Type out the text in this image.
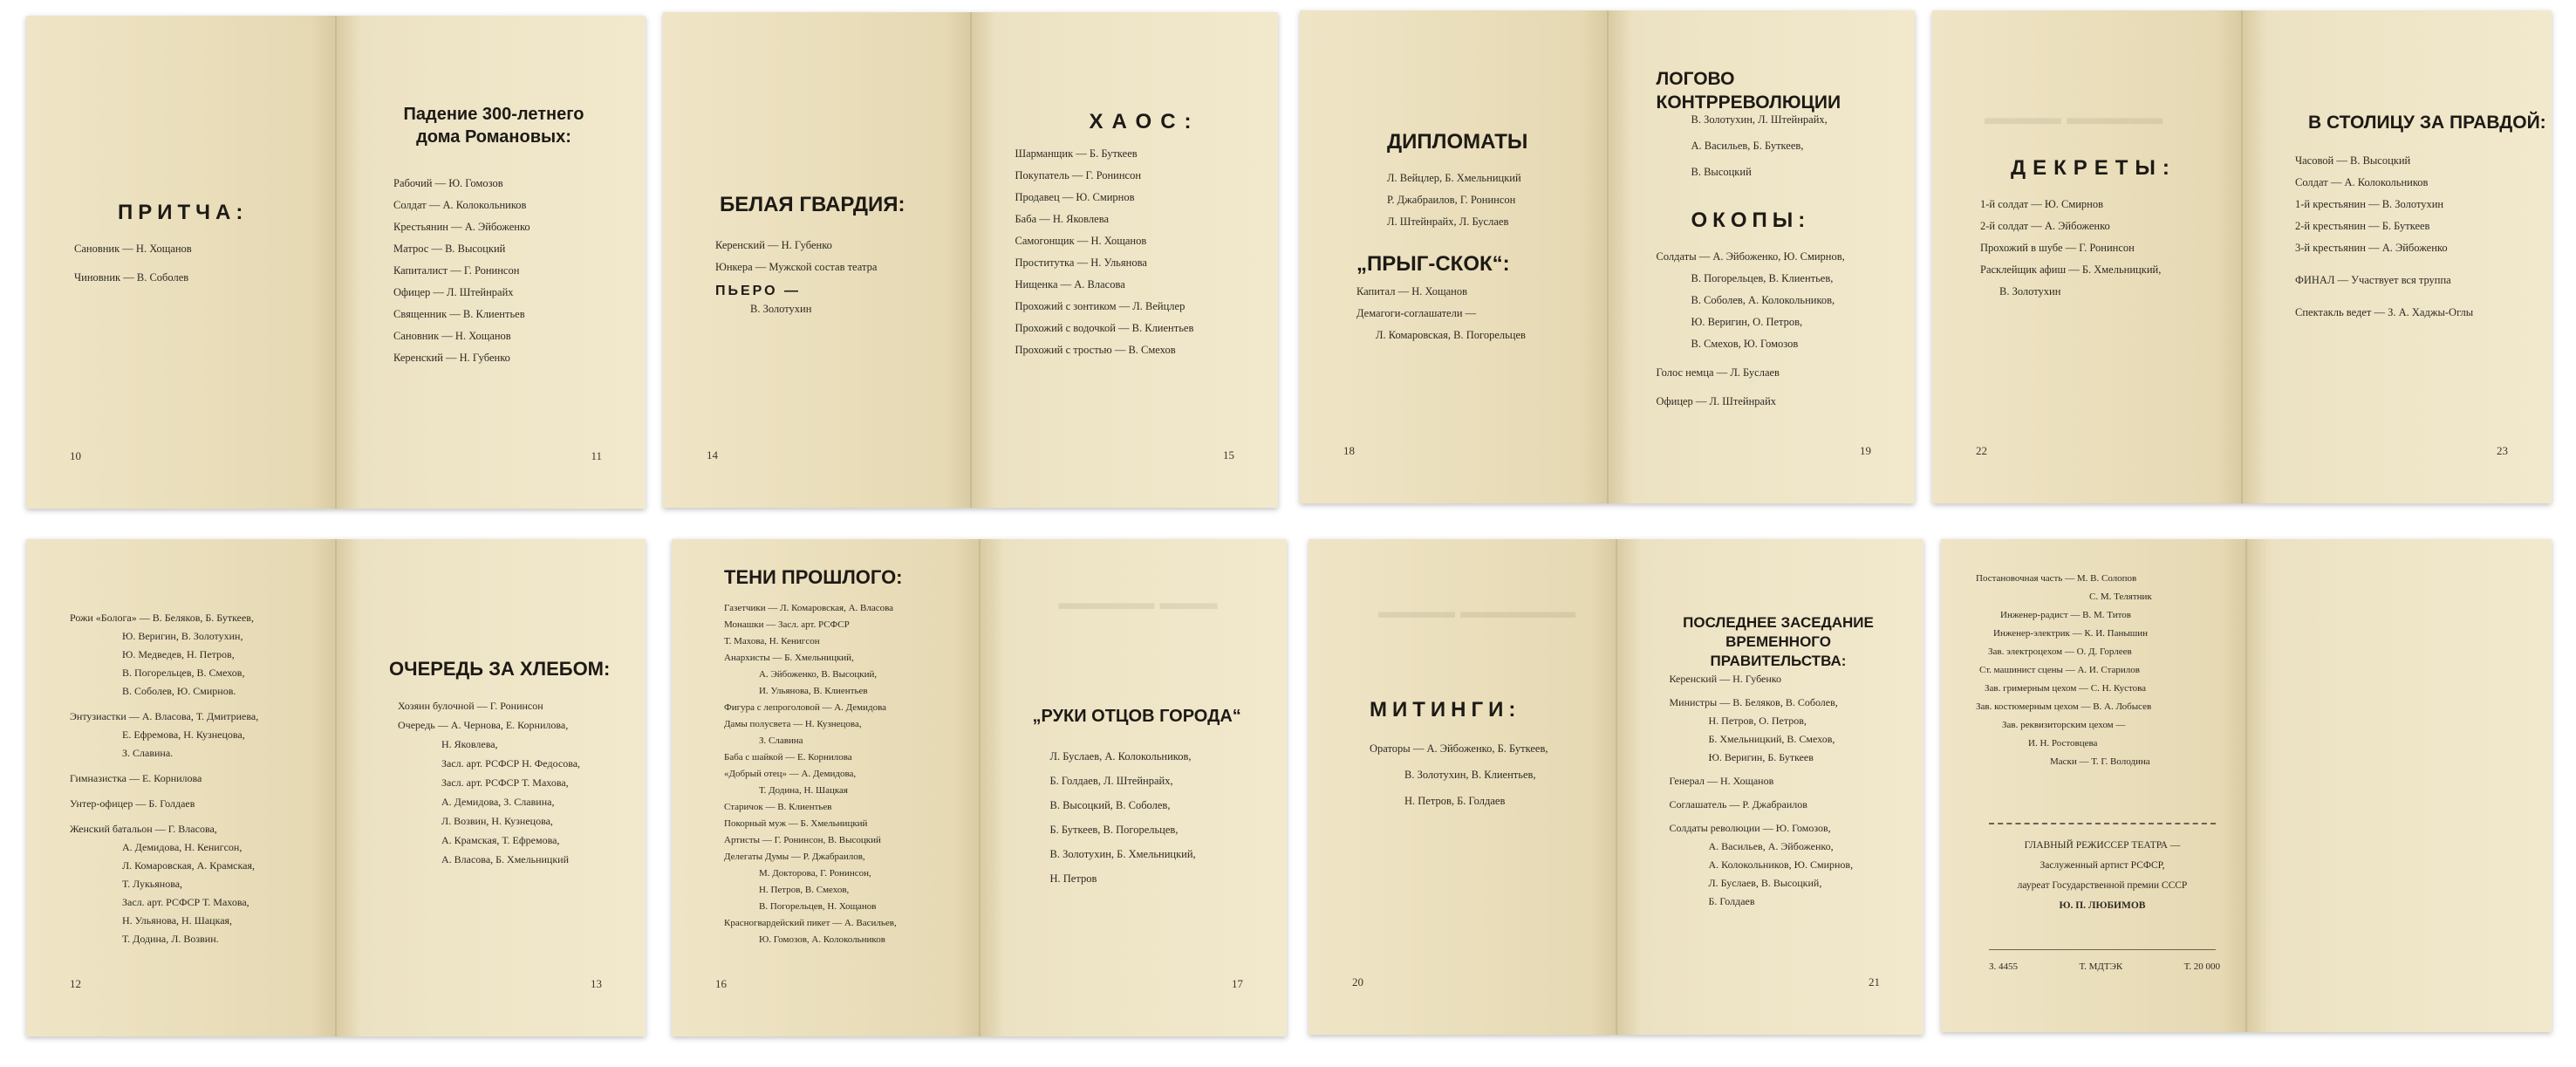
ПРИТЧА:
Сановник — Н. Хощанов
Чиновник — В. Соболев
10
Падение 300-летнего дома Романовых:
Рабочий — Ю. Гомозов
Солдат — А. Колокольников
Крестьянин — А. Эйбоженко
Матрос — В. Высоцкий
Капиталист — Г. Ронинсон
Офицер — Л. Штейнрайх
Священник — В. Клиентьев
Сановник — Н. Хощанов
Керенский — Н. Губенко
11
БЕЛАЯ ГВАРДИЯ:
Керенский — Н. Губенко
Юнкера — Мужской состав театра
ПЬЕРО —
В. Золотухин
14
ХАОС:
Шарманщик — Б. Буткеев
Покупатель — Г. Ронинсон
Продавец — Ю. Смирнов
Баба — Н. Яковлева
Самогонщик — Н. Хощанов
Проститутка — Н. Ульянова
Нищенка — А. Власова
Прохожий с зонтиком — Л. Вейцлер
Прохожий с водочкой — В. Клиентьев
Прохожий с тростью — В. Смехов
15
ДИПЛОМАТЫ
Л. Вейцлер, Б. Хмельницкий
Р. Джабраилов, Г. Ронинсон
Л. Штейнрайх, Л. Буслаев
„ПРЫГ-СКОК“:
Капитал — Н. Хощанов
Демагоги-соглашатели —
Л. Комаровская, В. Погорельцев
18
ЛОГОВО КОНТРРЕВОЛЮЦИИ
В. Золотухин, Л. Штейнрайх,
А. Васильев, Б. Буткеев,
В. Высоцкий
ОКОПЫ:
Солдаты — А. Эйбоженко, Ю. Смирнов,
В. Погорельцев, В. Клиентьев,
В. Соболев, А. Колокольников,
Ю. Веригин, О. Петров,
В. Смехов, Ю. Гомозов
Голос немца — Л. Буслаев
Офицер — Л. Штейнрайх
19
▬▬▬▬ ▬▬▬▬▬
ДЕКРЕТЫ:
1-й солдат — Ю. Смирнов
2-й солдат — А. Эйбоженко
Прохожий в шубе — Г. Ронинсон
Расклейщик афиш — Б. Хмельницкий,
В. Золотухин
22
В СТОЛИЦУ ЗА ПРАВДОЙ:
Часовой — В. Высоцкий
Солдат — А. Колокольников
1-й крестьянин — В. Золотухин
2-й крестьянин — Б. Буткеев
3-й крестьянин — А. Эйбоженко
ФИНАЛ — Участвует вся труппа
Спектакль ведет — З. А. Хаджы-Оглы
23
Рожи «Болога» — В. Беляков, Б. Буткеев,
Ю. Веригин, В. Золотухин,
Ю. Медведев, Н. Петров,
В. Погорельцев, В. Смехов,
В. Соболев, Ю. Смирнов.
Энтузиастки — А. Власова, Т. Дмитриева,
Е. Ефремова, Н. Кузнецова,
З. Славина.
Гимназистка — Е. Корнилова
Унтер-офицер — Б. Голдаев
Женский батальон — Г. Власова,
А. Демидова, Н. Кенигсон,
Л. Комаровская, А. Крамская,
Т. Лукьянова,
Засл. арт. РСФСР Т. Махова,
Н. Ульянова, Н. Шацкая,
Т. Додина, Л. Возвин.
12
ОЧЕРЕДЬ ЗА ХЛЕБОМ:
Хозяин булочной — Г. Ронинсон
Очередь — А. Чернова, Е. Корнилова,
Н. Яковлева,
Засл. арт. РСФСР Н. Федосова,
Засл. арт. РСФСР Т. Махова,
А. Демидова, З. Славина,
Л. Возвин, Н. Кузнецова,
А. Крамская, Т. Ефремова,
А. Власова, Б. Хмельницкий
13
ТЕНИ ПРОШЛОГО:
Газетчики — Л. Комаровская, А. Власова
Монашки — Засл. арт. РСФСР
Т. Махова, Н. Кенигсон
Анархисты — Б. Хмельницкий,
А. Эйбоженко, В. Высоцкий,
И. Ульянова, В. Клиентьев
Фигура с лепроголовой — А. Демидова
Дамы полусвета — Н. Кузнецова,
З. Славина
Баба с шайкой — Е. Корнилова
«Добрый отец» — А. Демидова,
Т. Додина, Н. Шацкая
Старичок — В. Клиентьев
Покорный муж — Б. Хмельницкий
Артисты — Г. Ронинсон, В. Высоцкий
Делегаты Думы — Р. Джабраилов,
М. Докторова, Г. Ронинсон,
Н. Петров, В. Смехов,
В. Погорельцев, Н. Хощанов
Красногвардейский пикет — А. Васильев,
Ю. Гомозов, А. Колокольников
16
▬▬▬▬▬ ▬▬▬
„РУКИ ОТЦОВ ГОРОДА“
Л. Буслаев, А. Колокольников,
Б. Голдаев, Л. Штейнрайх,
В. Высоцкий, В. Соболев,
Б. Буткеев, В. Погорельцев,
В. Золотухин, Б. Хмельницкий,
Н. Петров
17
▬▬▬▬ ▬▬▬▬▬▬
МИТИНГИ:
Ораторы — А. Эйбоженко, Б. Буткеев,
В. Золотухин, В. Клиентьев,
Н. Петров, Б. Голдаев
20
ПОСЛЕДНЕЕ ЗАСЕДАНИЕ ВРЕМЕННОГО ПРАВИТЕЛЬСТВА:
Керенский — Н. Губенко
Министры — В. Беляков, В. Соболев,
Н. Петров, О. Петров,
Б. Хмельницкий, В. Смехов,
Ю. Веригин, Б. Буткеев
Генерал — Н. Хощанов
Соглашатель — Р. Джабраилов
Солдаты революции — Ю. Гомозов,
А. Васильев, А. Эйбоженко,
А. Колокольников, Ю. Смирнов,
Л. Буслаев, В. Высоцкий,
Б. Голдаев
21
Постановочная часть — М. В. Солопов
С. М. Телятник
Инженер-радист — В. М. Титов
Инженер-электрик — К. И. Панышин
Зав. электроцехом — О. Д. Горлеев
Ст. машинист сцены — А. И. Старилов
Зав. гримерным цехом — С. Н. Кустова
Зав. костюмерным цехом — В. А. Лобысев
Зав. реквизиторским цехом —
И. Н. Ростовцева
Маски — Т. Г. Володина
ГЛАВНЫЙ РЕЖИССЕР ТЕАТРА —
Заслуженный артист РСФСР,
лауреат Государственной премии СССР
Ю. П. ЛЮБИМОВ
З. 4455	Т. МДТЭК	Т. 20 000
